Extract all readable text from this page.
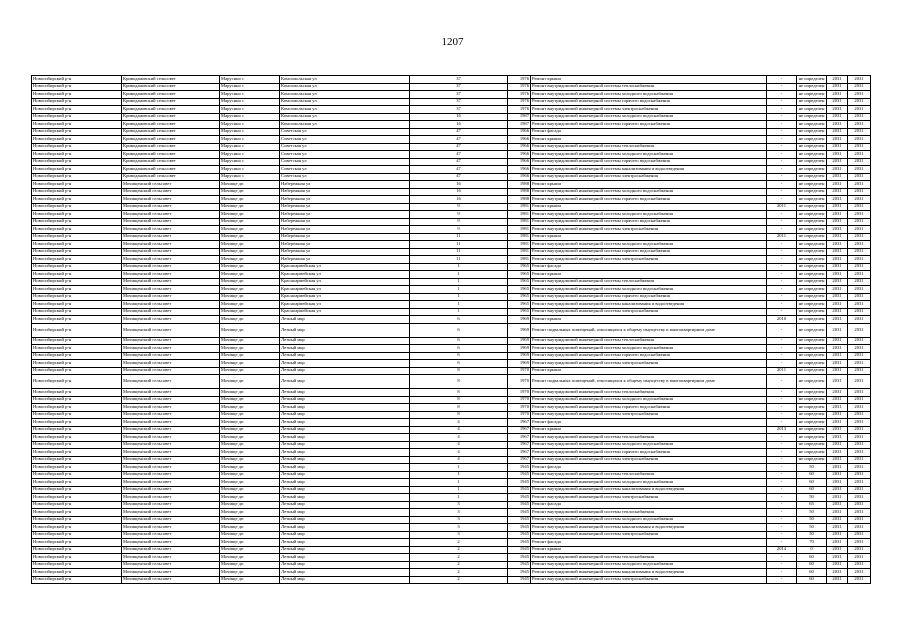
1207
Новосибирский р-н	Криводановский сельсовет	Марусино с	Комсомольская ул	37	1976	Ремонт крыши	-	не определен	2031	2031
Новосибирский р-н	Криводановский сельсовет	Марусино с	Комсомольская ул	37	1976	Ремонт внутридомовой инженерной системы теплоснабжения	-	не определен	2031	2031
Новосибирский р-н	Криводановский сельсовет	Марусино с	Комсомольская ул	37	1976	Ремонт внутридомовой инженерной системы холодного водоснабжения	-	не определен	2031	2031
Новосибирский р-н	Криводановский сельсовет	Марусино с	Комсомольская ул	37	1976	Ремонт внутридомовой инженерной системы горячего водоснабжения	-	не определен	2031	2031
Новосибирский р-н	Криводановский сельсовет	Марусино с	Комсомольская ул	37	1976	Ремонт внутридомовой инженерной системы электроснабжения	-	не определен	2031	2031
Новосибирский р-н	Криводановский сельсовет	Марусино с	Комсомольская ул	16	1987	Ремонт внутридомовой инженерной системы холодного водоснабжения	-	не определен	2031	2031
Новосибирский р-н	Криводановский сельсовет	Марусино с	Комсомольская ул	16	1987	Ремонт внутридомовой инженерной системы горячего водоснабжения	-	не определен	2031	2031
Новосибирский р-н	Криводановский сельсовет	Марусино с	Советская ул	47	1966	Ремонт фасада	-	не определен	2031	2031
Новосибирский р-н	Криводановский сельсовет	Марусино с	Советская ул	47	1966	Ремонт крыши	-	не определен	2031	2031
Новосибирский р-н	Криводановский сельсовет	Марусино с	Советская ул	47	1966	Ремонт внутридомовой инженерной системы теплоснабжения	-	не определен	2031	2031
Новосибирский р-н	Криводановский сельсовет	Марусино с	Советская ул	47	1966	Ремонт внутридомовой инженерной системы холодного водоснабжения	-	не определен	2031	2031
Новосибирский р-н	Криводановский сельсовет	Марусино с	Советская ул	47	1966	Ремонт внутридомовой инженерной системы горячего водоснабжения	-	не определен	2031	2031
Новосибирский р-н	Криводановский сельсовет	Марусино с	Советская ул	47	1966	Ремонт внутридомовой инженерной системы канализования и водоотведения	-	не определен	2031	2031
Новосибирский р-н	Криводановский сельсовет	Марусино с	Советская ул	47	1966	Ремонт внутридомовой инженерной системы электроснабжения	-	не определен	2031	2031
Новосибирский р-н	Мочищенский сельсовет	Мочище дп	Набережная ул	16	1988	Ремонт крыши	-	не определен	2031	2031
Новосибирский р-н	Мочищенский сельсовет	Мочище дп	Набережная ул	16	1988	Ремонт внутридомовой инженерной системы холодного водоснабжения	-	не определен	2031	2031
Новосибирский р-н	Мочищенский сельсовет	Мочище дп	Набережная ул	16	1988	Ремонт внутридомовой инженерной системы горячего водоснабжения	-	не определен	2031	2031
Новосибирский р-н	Мочищенский сельсовет	Мочище дп	Набережная ул	9	1981	Ремонт крыши	2011	не определен	2031	2031
Новосибирский р-н	Мочищенский сельсовет	Мочище дп	Набережная ул	9	1981	Ремонт внутридомовой инженерной системы холодного водоснабжения	-	не определен	2031	2031
Новосибирский р-н	Мочищенский сельсовет	Мочище дп	Набережная ул	9	1981	Ремонт внутридомовой инженерной системы горячего водоснабжения	-	не определен	2031	2031
Новосибирский р-н	Мочищенский сельсовет	Мочище дп	Набережная ул	9	1981	Ремонт внутридомовой инженерной системы электроснабжения	-	не определен	2031	2031
Новосибирский р-н	Мочищенский сельсовет	Мочище дп	Набережная ул	11	1981	Ремонт крыши	2011	не определен	2031	2031
Новосибирский р-н	Мочищенский сельсовет	Мочище дп	Набережная ул	11	1981	Ремонт внутридомовой инженерной системы холодного водоснабжения	-	не определен	2031	2031
Новосибирский р-н	Мочищенский сельсовет	Мочище дп	Набережная ул	11	1981	Ремонт внутридомовой инженерной системы горячего водоснабжения	-	не определен	2031	2031
Новосибирский р-н	Мочищенский сельсовет	Мочище дп	Набережная ул	11	1981	Ремонт внутридомовой инженерной системы электроснабжения	-	не определен	2031	2031
Новосибирский р-н	Мочищенский сельсовет	Мочище дп	Красноармейская ул	1	1965	Ремонт фасада	-	не определен	2031	2031
Новосибирский р-н	Мочищенский сельсовет	Мочище дп	Красноармейская ул	1	1965	Ремонт крыши	-	не определен	2031	2031
Новосибирский р-н	Мочищенский сельсовет	Мочище дп	Красноармейская ул	1	1965	Ремонт внутридомовой инженерной системы теплоснабжения	-	не определен	2031	2031
Новосибирский р-н	Мочищенский сельсовет	Мочище дп	Красноармейская ул	1	1965	Ремонт внутридомовой инженерной системы холодного водоснабжения	-	не определен	2031	2031
Новосибирский р-н	Мочищенский сельсовет	Мочище дп	Красноармейская ул	1	1965	Ремонт внутридомовой инженерной системы горячего водоснабжения	-	не определен	2031	2031
Новосибирский р-н	Мочищенский сельсовет	Мочище дп	Красноармейская ул	1	1965	Ремонт внутридомовой инженерной системы канализования и водоотведения	-	не определен	2031	2031
Новосибирский р-н	Мочищенский сельсовет	Мочище дп	Красноармейская ул	1	1965	Ремонт внутридомовой инженерной системы электроснабжения	-	не определен	2031	2031
Новосибирский р-н	Мочищенский сельсовет	Мочище дп	Летный мкр	6	1969	Ремонт крыши	2010	не определен	2031	2031
Новосибирский р-н	Мочищенский сельсовет	Мочище дп	Летный мкр	6	1969	Ремонт подвальных помещений, относящихся к общему имуществу в многоквартирном доме	-	не определен	2031	2031
Новосибирский р-н	Мочищенский сельсовет	Мочище дп	Летный мкр	6	1969	Ремонт внутридомовой инженерной системы теплоснабжения	-	не определен	2031	2031
Новосибирский р-н	Мочищенский сельсовет	Мочище дп	Летный мкр	6	1969	Ремонт внутридомовой инженерной системы холодного водоснабжения	-	не определен	2031	2031
Новосибирский р-н	Мочищенский сельсовет	Мочище дп	Летный мкр	6	1969	Ремонт внутридомовой инженерной системы горячего водоснабжения	-	не определен	2031	2031
Новосибирский р-н	Мочищенский сельсовет	Мочище дп	Летный мкр	6	1969	Ремонт внутридомовой инженерной системы электроснабжения	-	не определен	2031	2031
Новосибирский р-н	Мочищенский сельсовет	Мочище дп	Летный мкр	8	1970	Ремонт крыши	2011	не определен	2031	2031
Новосибирский р-н	Мочищенский сельсовет	Мочище дп	Летный мкр	8	1970	Ремонт подвальных помещений, относящихся к общему имуществу в многоквартирном доме	-	не определен	2031	2031
Новосибирский р-н	Мочищенский сельсовет	Мочище дп	Летный мкр	8	1970	Ремонт внутридомовой инженерной системы теплоснабжения	-	не определен	2031	2031
Новосибирский р-н	Мочищенский сельсовет	Мочище дп	Летный мкр	8	1970	Ремонт внутридомовой инженерной системы холодного водоснабжения	-	не определен	2031	2031
Новосибирский р-н	Мочищенский сельсовет	Мочище дп	Летный мкр	8	1970	Ремонт внутридомовой инженерной системы горячего водоснабжения	-	не определен	2031	2031
Новосибирский р-н	Мочищенский сельсовет	Мочище дп	Летный мкр	8	1970	Ремонт внутридомовой инженерной системы электроснабжения	-	не определен	2031	2031
Новосибирский р-н	Мочищенский сельсовет	Мочище дп	Летный мкр	4	1967	Ремонт фасада	-	не определен	2031	2031
Новосибирский р-н	Мочищенский сельсовет	Мочище дп	Летный мкр	4	1967	Ремонт крыши	2013	не определен	2031	2031
Новосибирский р-н	Мочищенский сельсовет	Мочище дп	Летный мкр	4	1967	Ремонт внутридомовой инженерной системы теплоснабжения	-	не определен	2031	2031
Новосибирский р-н	Мочищенский сельсовет	Мочище дп	Летный мкр	4	1967	Ремонт внутридомовой инженерной системы холодного водоснабжения	-	не определен	2031	2031
Новосибирский р-н	Мочищенский сельсовет	Мочище дп	Летный мкр	4	1967	Ремонт внутридомовой инженерной системы горячего водоснабжения	-	не определен	2031	2031
Новосибирский р-н	Мочищенский сельсовет	Мочище дп	Летный мкр	4	1967	Ремонт внутридомовой инженерной системы электроснабжения	-	не определен	2031	2031
Новосибирский р-н	Мочищенский сельсовет	Мочище дп	Летный мкр	1	1945	Ремонт фасада	-	50	2031	2031
Новосибирский р-н	Мочищенский сельсовет	Мочище дп	Летный мкр	1	1945	Ремонт внутридомовой инженерной системы теплоснабжения	-	60	2031	2031
Новосибирский р-н	Мочищенский сельсовет	Мочище дп	Летный мкр	1	1945	Ремонт внутридомовой инженерной системы холодного водоснабжения	-	60	2031	2031
Новосибирский р-н	Мочищенский сельсовет	Мочище дп	Летный мкр	1	1945	Ремонт внутридомовой инженерной системы канализования и водоотведения	-	60	2031	2031
Новосибирский р-н	Мочищенский сельсовет	Мочище дп	Летный мкр	1	1945	Ремонт внутридомовой инженерной системы электроснабжения	-	50	2031	2031
Новосибирский р-н	Мочищенский сельсовет	Мочище дп	Летный мкр	3	1945	Ремонт фасада	-	65	2031	2031
Новосибирский р-н	Мочищенский сельсовет	Мочище дп	Летный мкр	3	1945	Ремонт внутридомовой инженерной системы теплоснабжения	-	50	2031	2031
Новосибирский р-н	Мочищенский сельсовет	Мочище дп	Летный мкр	3	1945	Ремонт внутридомовой инженерной системы холодного водоснабжения	-	50	2031	2031
Новосибирский р-н	Мочищенский сельсовет	Мочище дп	Летный мкр	3	1945	Ремонт внутридомовой инженерной системы канализования и водоотведения	-	50	2031	2031
Новосибирский р-н	Мочищенский сельсовет	Мочище дп	Летный мкр	3	1945	Ремонт внутридомовой инженерной системы электроснабжения	-	50	2031	2031
Новосибирский р-н	Мочищенский сельсовет	Мочище дп	Летный мкр	2	1945	Ремонт фасада	-	70	2031	2031
Новосибирский р-н	Мочищенский сельсовет	Мочище дп	Летный мкр	2	1945	Ремонт крыши	2014	0	2031	2031
Новосибирский р-н	Мочищенский сельсовет	Мочище дп	Летный мкр	2	1945	Ремонт внутридомовой инженерной системы теплоснабжения	-	60	2031	2031
Новосибирский р-н	Мочищенский сельсовет	Мочище дп	Летный мкр	2	1945	Ремонт внутридомовой инженерной системы холодного водоснабжения	-	60	2031	2031
Новосибирский р-н	Мочищенский сельсовет	Мочище дп	Летный мкр	2	1945	Ремонт внутридомовой инженерной системы канализования и водоотведения	-	60	2031	2031
Новосибирский р-н	Мочищенский сельсовет	Мочище дп	Летный мкр	2	1945	Ремонт внутридомовой инженерной системы электроснабжения	-	60	2031	2031
